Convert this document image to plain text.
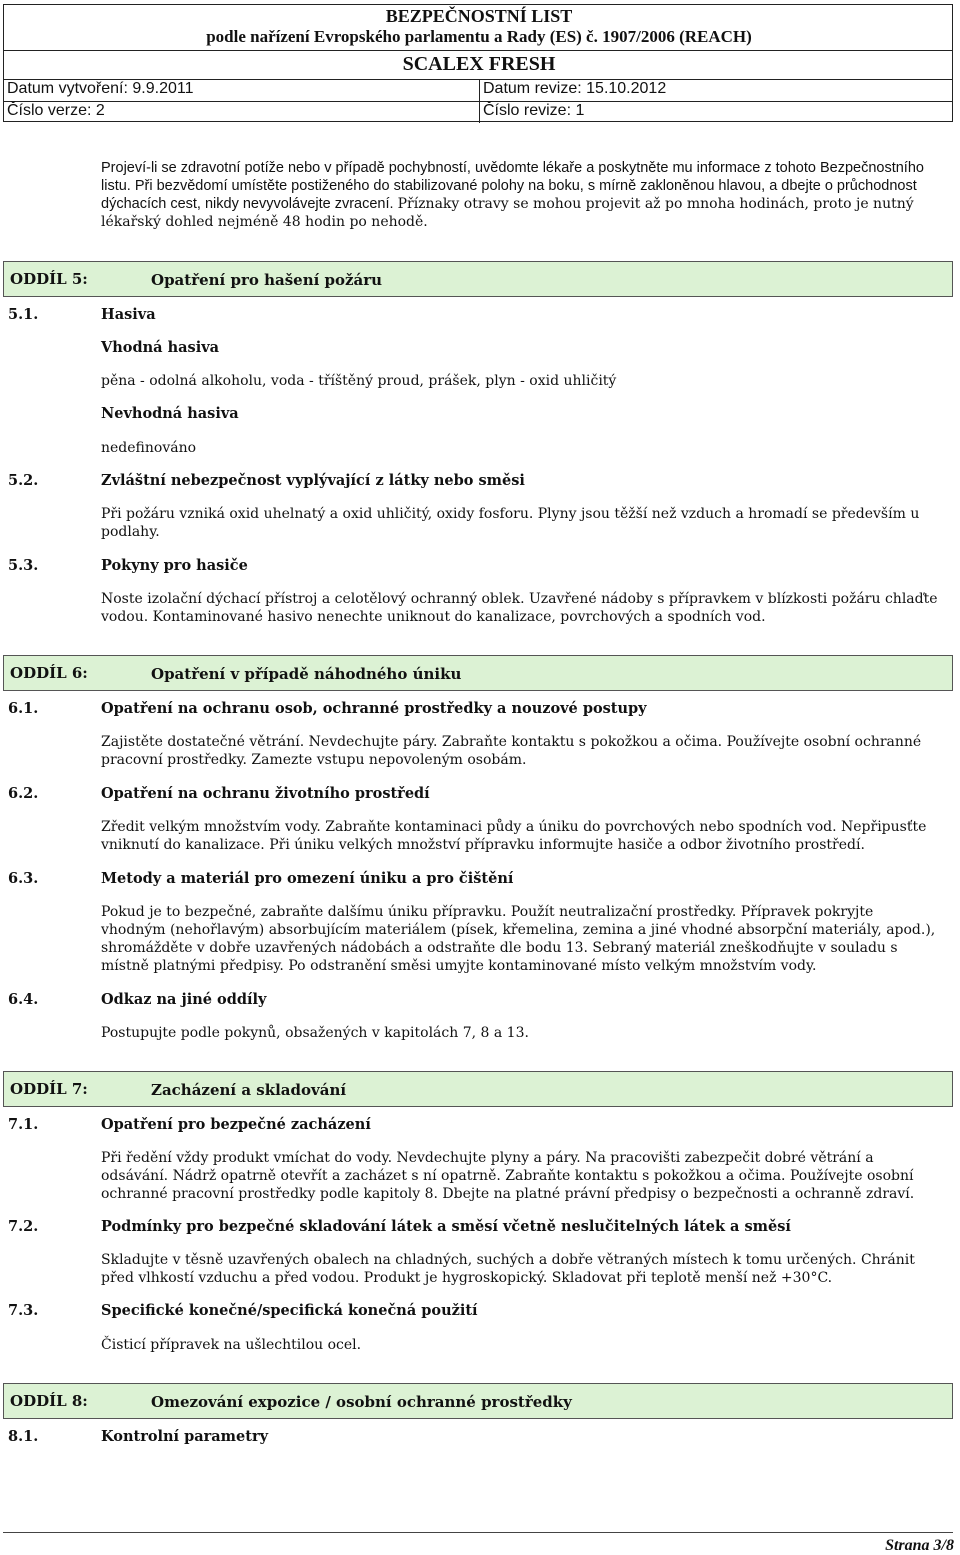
BEZPEČNOSTNÍ LIST
podle nařízení Evropského parlamentu a Rady (ES) č. 1907/2006 (REACH)
SCALEX FRESH
Datum vytvoření: 9.9.2011	Datum revize: 15.10.2012
Číslo verze: 2	Číslo revize: 1
Projeví-li se zdravotní potíže nebo v případě pochybností, uvědomte lékaře a poskytněte mu informace z tohoto Bezpečnostního listu. Při bezvědomí umístěte postiženého do stabilizované polohy na boku, s mírně zakloněnou hlavou, a dbejte o průchodnost dýchacích cest, nikdy nevyvolávejte zvracení. Příznaky otravy se mohou projevit až po mnoha hodinách, proto je nutný lékařský dohled nejméně 48 hodin po nehodě.
ODDÍL 5:	Opatření pro hašení požáru
5.1.	Hasiva
Vhodná hasiva
pěna - odolná alkoholu, voda - tříštěný proud, prášek, plyn - oxid uhličitý
Nevhodná hasiva
nedefinováno
5.2.	Zvláštní nebezpečnost vyplývající z látky nebo směsi
Při požáru vzniká oxid uhelnatý a oxid uhličitý, oxidy fosforu. Plyny jsou těžší než vzduch a hromadí se především u podlahy.
5.3.	Pokyny pro hasiče
Noste izolační dýchací přístroj a celotělový ochranný oblek. Uzavřené nádoby s přípravkem v blízkosti požáru chlaďte vodou. Kontaminované hasivo nenechte uniknout do kanalizace, povrchových a spodních vod.
ODDÍL 6:	Opatření v případě náhodného úniku
6.1.	Opatření na ochranu osob, ochranné prostředky a nouzové postupy
Zajistěte dostatečné větrání. Nevdechujte páry. Zabraňte kontaktu s pokožkou a očima. Používejte osobní ochranné pracovní prostředky. Zamezte vstupu nepovoleným osobám.
6.2.	Opatření na ochranu životního prostředí
Zředit velkým množstvím vody. Zabraňte kontaminaci půdy a úniku do povrchových nebo spodních vod. Nepřipusťte vniknutí do kanalizace. Při úniku velkých množství přípravku informujte hasiče a odbor životního prostředí.
6.3.	Metody a materiál pro omezení úniku a pro čištění
Pokud je to bezpečné, zabraňte dalšímu úniku přípravku. Použít neutralizační prostředky. Přípravek pokryjte vhodným (nehořlavým) absorbujícím materiálem (písek, křemelina, zemina a jiné vhodné absorpční materiály, apod.), shromážděte v dobře uzavřených nádobách a odstraňte dle bodu 13. Sebraný materiál zneškodňujte v souladu s místně platnými předpisy. Po odstranění směsi umyjte kontaminované místo velkým množstvím vody.
6.4.	Odkaz na jiné oddíly
Postupujte podle pokynů, obsažených v kapitolách 7, 8 a 13.
ODDÍL 7:	Zacházení a skladování
7.1.	Opatření pro bezpečné zacházení
Při ředění vždy produkt vmíchat do vody. Nevdechujte plyny a páry. Na pracovišti zabezpečit dobré větrání a odsávání. Nádrž opatrně otevřít a zacházet s ní opatrně. Zabraňte kontaktu s pokožkou a očima. Používejte osobní ochranné pracovní prostředky podle kapitoly 8. Dbejte na platné právní předpisy o bezpečnosti a ochranně zdraví.
7.2.	Podmínky pro bezpečné skladování látek a směsí včetně neslučitelných látek a směsí
Skladujte v těsně uzavřených obalech na chladných, suchých a dobře větraných místech k tomu určených. Chránit před vlhkostí vzduchu a před vodou. Produkt je hygroskopický. Skladovat při teplotě menší než +30°C.
7.3.	Specifické konečné/specifická konečná použití
Čisticí přípravek na ušlechtilou ocel.
ODDÍL 8:	Omezování expozice / osobní ochranné prostředky
8.1.	Kontrolní parametry
Strana 3/8
